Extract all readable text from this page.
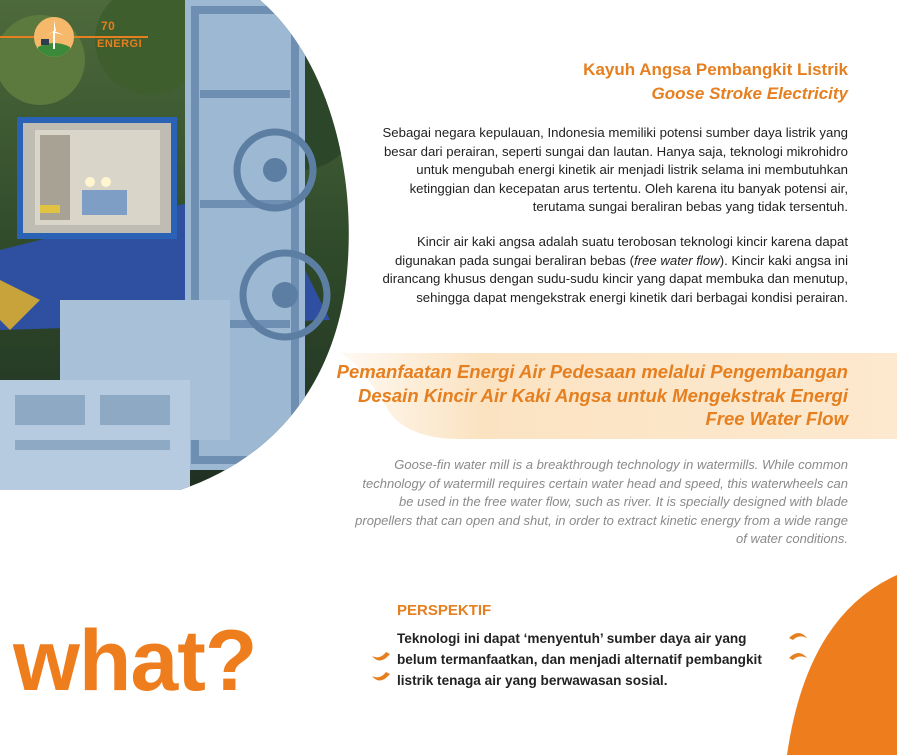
70
ENERGI
Kayuh Angsa Pembangkit Listrik
Goose Stroke Electricity

Sebagai negara kepulauan, Indonesia memiliki potensi sumber daya listrik yang besar dari perairan, seperti sungai dan lautan. Hanya saja, teknologi mikrohidro untuk mengubah energi kinetik air menjadi listrik selama ini membutuhkan ketinggian dan kecepatan arus tertentu. Oleh karena itu banyak potensi air, terutama sungai beraliran bebas yang tidak tersentuh.

Kincir air kaki angsa adalah suatu terobosan teknologi kincir karena dapat digunakan pada sungai beraliran bebas (free water flow). Kincir kaki angsa ini dirancang khusus dengan sudu-sudu kincir yang dapat membuka dan menutup, sehingga dapat mengekstrak energi kinetik dari berbagai kondisi perairan.

Pemanfaatan Energi Air Pedesaan melalui Pengembangan Desain Kincir Air Kaki Angsa untuk Mengekstrak Energi Free Water Flow

Goose-fin water mill is a breakthrough technology in watermills. While common technology of watermill requires certain water head and speed, this waterwheels can be used in the free water flow, such as river. It is specially designed with blade propellers that can open and shut, in order to extract kinetic energy from a wide range of water conditions.

what?
PERSPEKTIF

Teknologi ini dapat ‘menyentuh’ sumber daya air yang belum termanfaatkan, dan menjadi alternatif pembangkit listrik tenaga air yang berwawasan sosial.
